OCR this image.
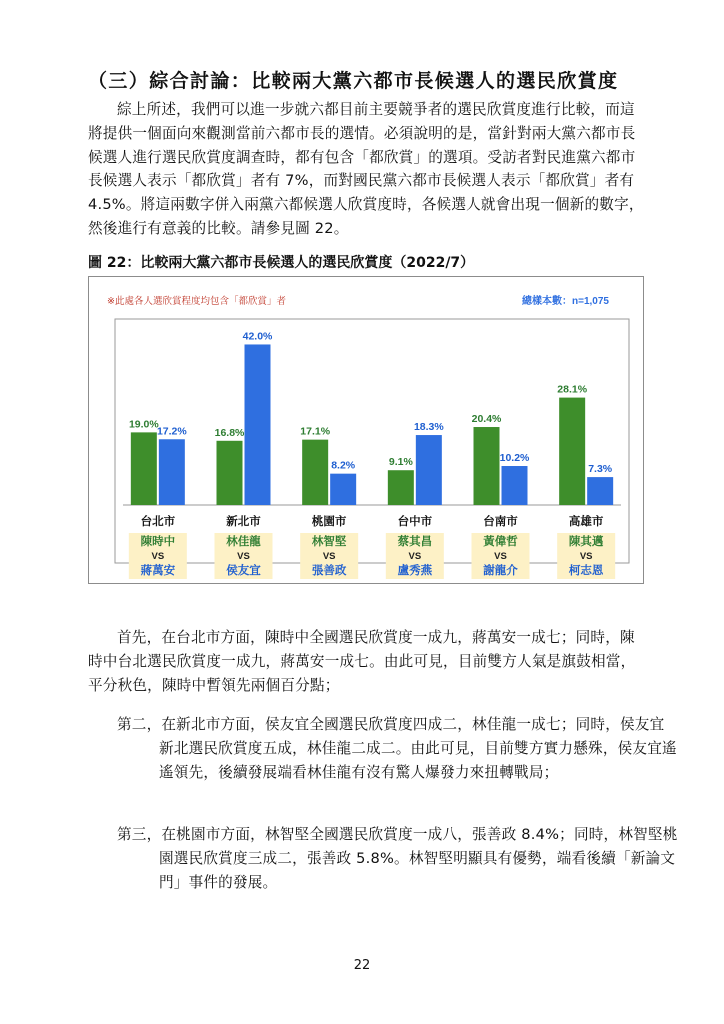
（三）綜合討論：比較兩大黨六都市長候選人的選民欣賞度

綜上所述，我們可以進一步就六都目前主要競爭者的選民欣賞度進行比較，而這將提供一個面向來觀測當前六都市長的選情。必須說明的是，當針對兩大黨六都市長候選人進行選民欣賞度調查時，都有包含「都欣賞」的選項。受訪者對民進黨六都市長候選人表示「都欣賞」者有 7%，而對國民黨六都市長候選人表示「都欣賞」者有 4.5%。將這兩數字併入兩黨六都候選人欣賞度時，各候選人就會出現一個新的數字，然後進行有意義的比較。請參見圖 22。

圖 22：比較兩大黨六都市長候選人的選民欣賞度（2022/7）
※此處各人選欣賞程度均包含「都欣賞」者	總樣本數：n=1,075
19.0%
17.2%
台北市
陳時中
VS
蔣萬安
16.8%
42.0%
新北市
林佳龍
VS
侯友宜
17.1%
8.2%
桃園市
林智堅
VS
張善政
9.1%
18.3%
台中市
蔡其昌
VS
盧秀燕
20.4%
10.2%
台南市
黃偉哲
VS
謝龍介
28.1%
7.3%
高雄市
陳其邁
VS
柯志恩

首先，在台北市方面，陳時中全國選民欣賞度一成九，蔣萬安一成七；同時，陳時中台北選民欣賞度一成九，蔣萬安一成七。由此可見，目前雙方人氣是旗鼓相當，平分秋色，陳時中暫領先兩個百分點；

第二，在新北市方面，侯友宜全國選民欣賞度四成二，林佳龍一成七；同時，侯友宜新北選民欣賞度五成，林佳龍二成二。由此可見，目前雙方實力懸殊，侯友宜遙遙領先，後續發展端看林佳龍有沒有驚人爆發力來扭轉戰局；

第三，在桃園市方面，林智堅全國選民欣賞度一成八，張善政 8.4%；同時，林智堅桃園選民欣賞度三成二，張善政 5.8%。林智堅明顯具有優勢，端看後續「新論文門」事件的發展。

22
